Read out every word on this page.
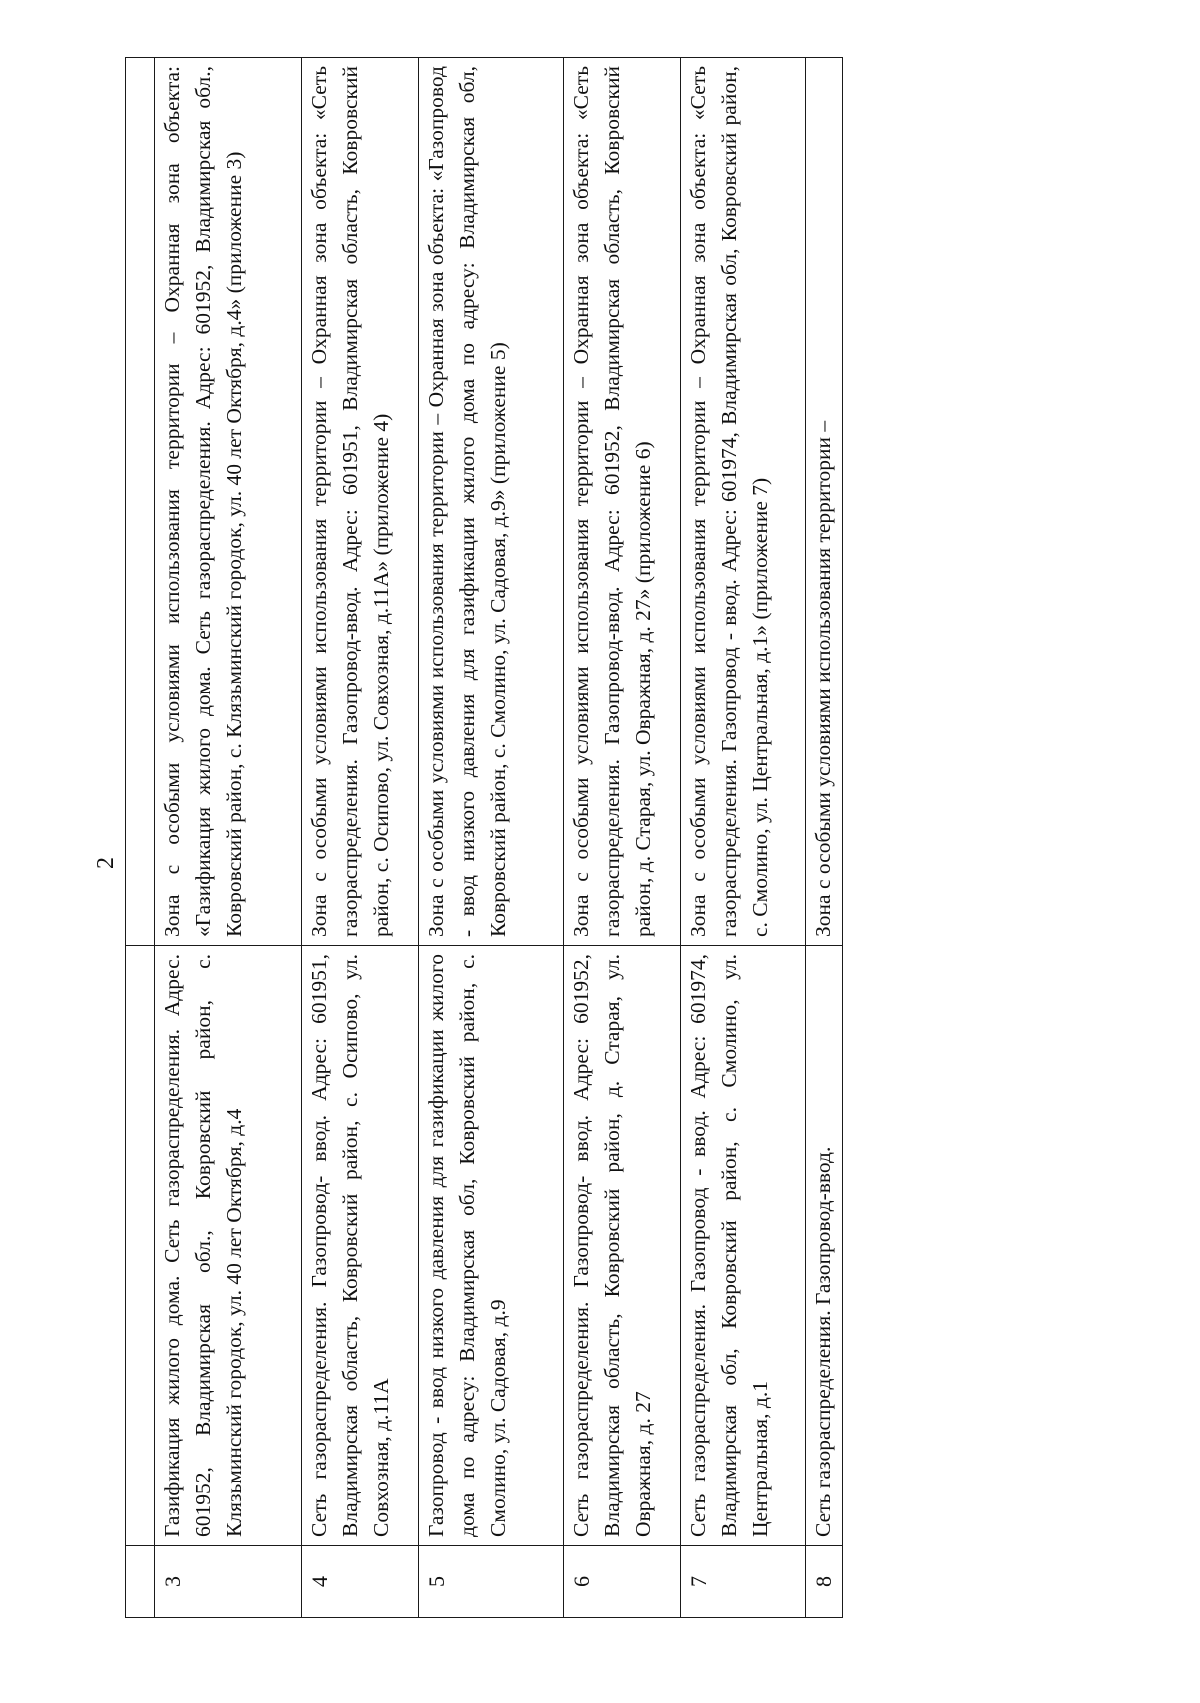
2

3	Газификация жилого дома. Сеть газораспределения. Адрес. 601952, Владимирская обл., Ковровский район, с. Клязьминский городок, ул. 40 лет Октября, д.4	Зона с особыми условиями использования территории – Охранная зона объекта: «Газификация жилого дома. Сеть газораспределения. Адрес: 601952, Владимирская обл., Ковровский район, с. Клязьминский городок, ул. 40 лет Октября, д.4» (приложение 3)
4	Сеть газораспределения. Газопровод- ввод. Адрес: 601951, Владимирская область, Ковровский район, с. Осипово, ул. Совхозная, д.11А	Зона с особыми условиями использования территории – Охранная зона объекта: «Сеть газораспределения. Газопровод-ввод. Адрес: 601951, Владимирская область, Ковровский район, с. Осипово, ул. Совхозная, д.11А» (приложение 4)
5	Газопровод - ввод низкого давления для газификации жилого дома по адресу: Владимирская обл, Ковровский район, с. Смолино, ул. Садовая, д.9	Зона с особыми условиями использования территории – Охранная зона объекта: «Газопровод - ввод низкого давления для газификации жилого дома по адресу: Владимирская обл, Ковровский район, с. Смолино, ул. Садовая, д.9» (приложение 5)
6	Сеть газораспределения. Газопровод- ввод. Адрес: 601952, Владимирская область, Ковровский район, д. Старая, ул. Овражная, д. 27	Зона с особыми условиями использования территории – Охранная зона объекта: «Сеть газораспределения. Газопровод-ввод. Адрес: 601952, Владимирская область, Ковровский район, д. Старая, ул. Овражная, д. 27» (приложение 6)
7	Сеть газораспределения. Газопровод - ввод. Адрес: 601974, Владимирская обл, Ковровский район, с. Смолино, ул. Центральная, д.1	Зона с особыми условиями использования территории – Охранная зона объекта: «Сеть газораспределения. Газопровод - ввод. Адрес: 601974, Владимирская обл, Ковровский район, с. Смолино, ул. Центральная, д.1» (приложение 7)
8	Сеть газораспределения. Газопровод-ввод.	Зона с особыми условиями использования территории –
